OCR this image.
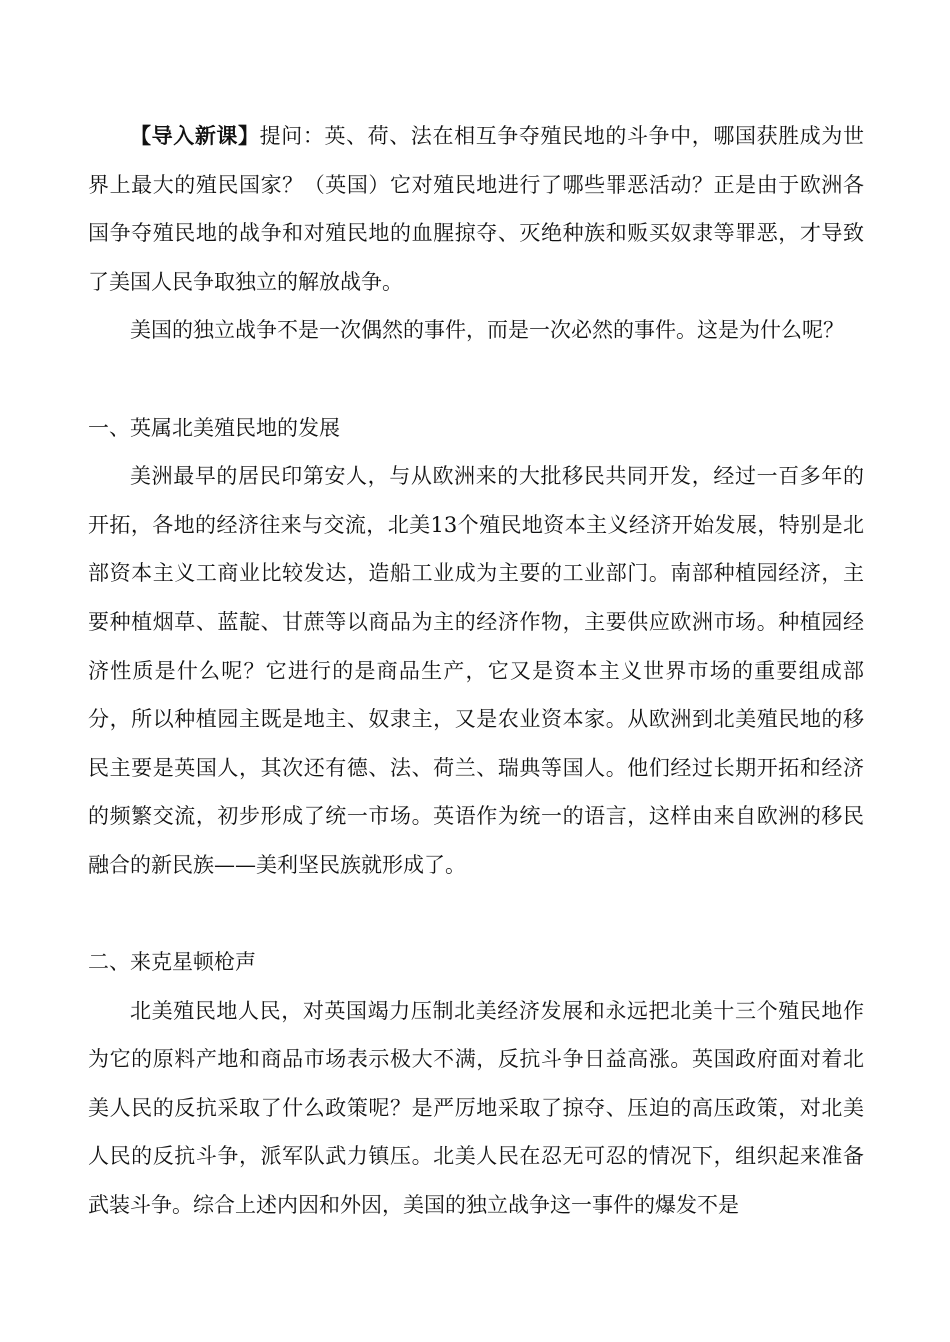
【导入新课】提问：英、荷、法在相互争夺殖民地的斗争中，哪国获胜成为世界上最大的殖民国家？（英国）它对殖民地进行了哪些罪恶活动？正是由于欧洲各国争夺殖民地的战争和对殖民地的血腥掠夺、灭绝种族和贩买奴隶等罪恶，才导致了美国人民争取独立的解放战争。

美国的独立战争不是一次偶然的事件，而是一次必然的事件。这是为什么呢？

一、英属北美殖民地的发展

美洲最早的居民印第安人，与从欧洲来的大批移民共同开发，经过一百多年的开拓，各地的经济往来与交流，北美13个殖民地资本主义经济开始发展，特别是北部资本主义工商业比较发达，造船工业成为主要的工业部门。南部种植园经济，主要种植烟草、蓝靛、甘蔗等以商品为主的经济作物，主要供应欧洲市场。种植园经济性质是什么呢？它进行的是商品生产，它又是资本主义世界市场的重要组成部分，所以种植园主既是地主、奴隶主，又是农业资本家。从欧洲到北美殖民地的移民主要是英国人，其次还有德、法、荷兰、瑞典等国人。他们经过长期开拓和经济的频繁交流，初步形成了统一市场。英语作为统一的语言，这样由来自欧洲的移民融合的新民族——美利坚民族就形成了。

二、来克星顿枪声

北美殖民地人民，对英国竭力压制北美经济发展和永远把北美十三个殖民地作为它的原料产地和商品市场表示极大不满，反抗斗争日益高涨。英国政府面对着北美人民的反抗采取了什么政策呢？是严厉地采取了掠夺、压迫的高压政策，对北美人民的反抗斗争，派军队武力镇压。北美人民在忍无可忍的情况下，组织起来准备武装斗争。综合上述内因和外因，美国的独立战争这一事件的爆发不是
